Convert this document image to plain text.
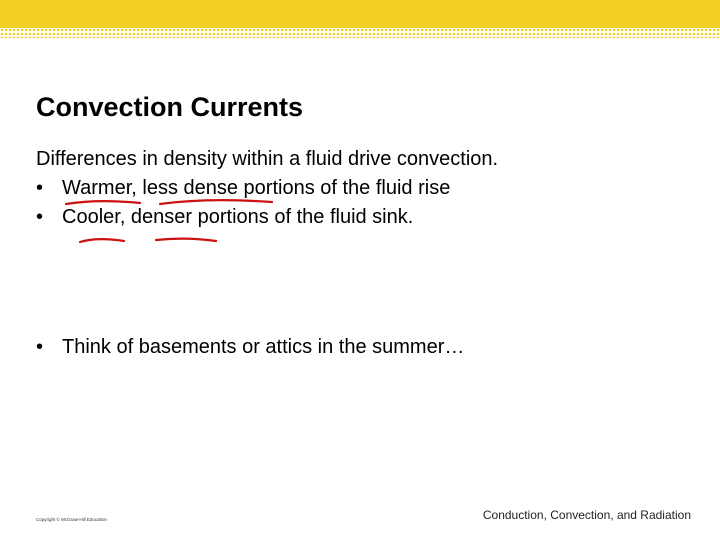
Convection Currents
Differences in density within a fluid drive convection.
• Warmer, less dense portions of the fluid rise
• Cooler, denser portions of the fluid sink.
• Think of basements or attics in the summer…
Copyright © McGraw-Hill Education	Conduction, Convection, and Radiation
